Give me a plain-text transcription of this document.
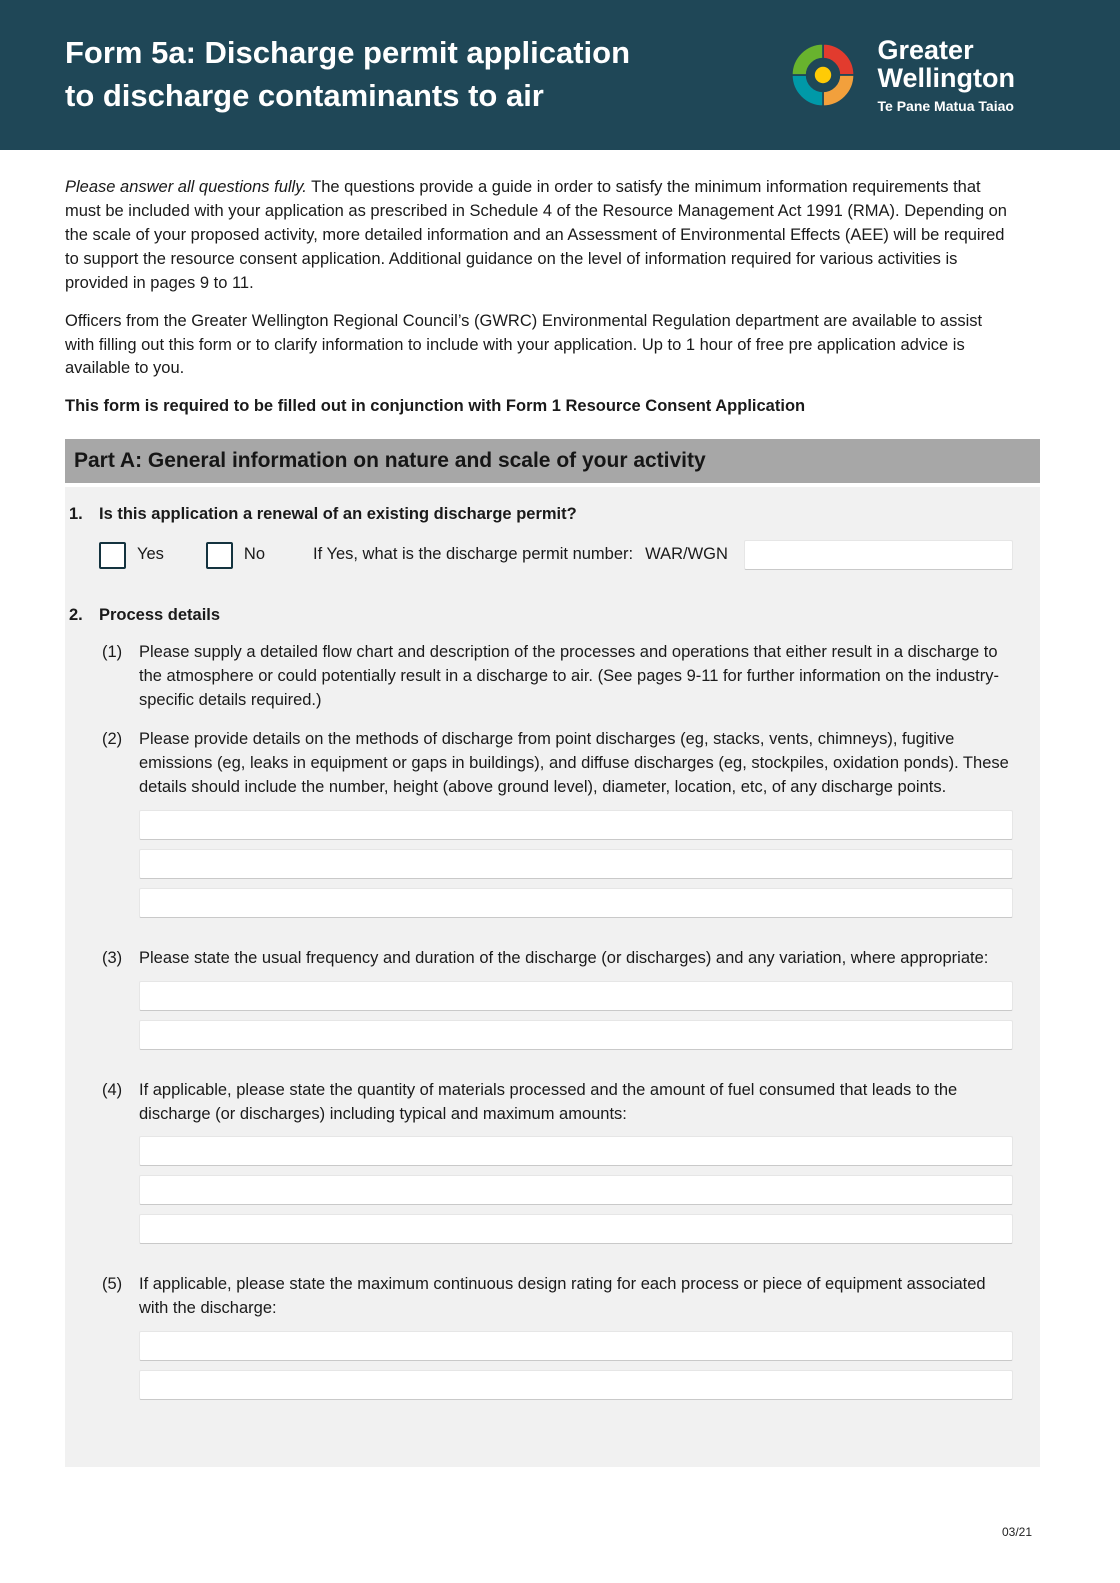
Form 5a: Discharge permit application
to discharge contaminants to air
Greater
Wellington
Te Pane Matua Taiao

Please answer all questions fully. The questions provide a guide in order to satisfy the minimum information requirements that must be included with your application as prescribed in Schedule 4 of the Resource Management Act 1991 (RMA). Depending on the scale of your proposed activity, more detailed information and an Assessment of Environmental Effects (AEE) will be required to support the resource consent application. Additional guidance on the level of information required for various activities is provided in pages 9 to 11.

Officers from the Greater Wellington Regional Council’s (GWRC) Environmental Regulation department are available to assist with filling out this form or to clarify information to include with your application. Up to 1 hour of free pre application advice is available to you.

This form is required to be filled out in conjunction with Form 1 Resource Consent Application

Part A: General information on nature and scale of your activity
1. Is this application a renewal of an existing discharge permit?
Yes	No	If Yes, what is the discharge permit number: WAR/WGN
2. Process details
(1)	Please supply a detailed flow chart and description of the processes and operations that either result in a discharge to the atmosphere or could potentially result in a discharge to air. (See pages 9-11 for further information on the industry-specific details required.)
(2)	Please provide details on the methods of discharge from point discharges (eg, stacks, vents, chimneys), fugitive emissions (eg, leaks in equipment or gaps in buildings), and diffuse discharges (eg, stockpiles, oxidation ponds). These details should include the number, height (above ground level), diameter, location, etc, of any discharge points.
(3)	Please state the usual frequency and duration of the discharge (or discharges) and any variation, where appropriate:
(4)	If applicable, please state the quantity of materials processed and the amount of fuel consumed that leads to the discharge (or discharges) including typical and maximum amounts:
(5)	If applicable, please state the maximum continuous design rating for each process or piece of equipment associated with the discharge:
03/21
